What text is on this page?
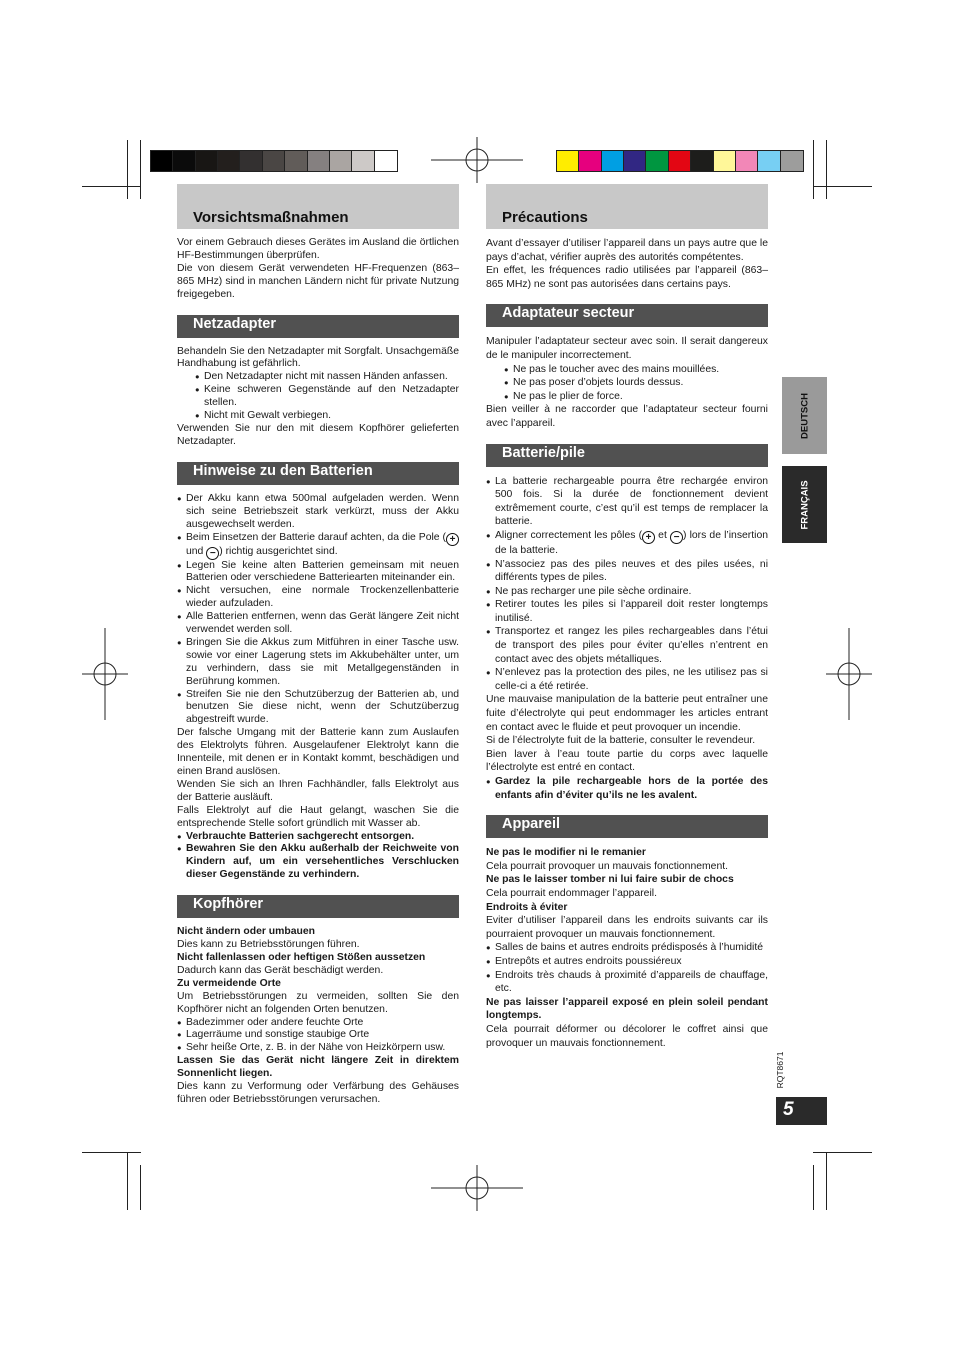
DEUTSCH
FRANÇAIS
RQT8671
5
Vorsichtsmaßnahmen

Vor einem Gebrauch dieses Gerätes im Ausland die örtlichen HF-Bestimmungen überprüfen.

Die von diesem Gerät verwendeten HF-Frequenzen (863–865 MHz) sind in manchen Ländern nicht für private Nutzung freigegeben.

Netzadapter

Behandeln Sie den Netzadapter mit Sorgfalt. Unsachgemäße Handhabung ist gefährlich.

● Den Netzadapter nicht mit nassen Händen anfassen.
● Keine schweren Gegenstände auf den Netzadapter stellen.
● Nicht mit Gewalt verbiegen.

Verwenden Sie nur den mit diesem Kopfhörer gelieferten Netzadapter.

Hinweise zu den Batterien
● Der Akku kann etwa 500mal aufgeladen werden. Wenn sich seine Betriebszeit stark verkürzt, muss der Akku ausgewechselt werden.
● Beim Einsetzen der Batterie darauf achten, da die Pole ( + und − ) richtig ausgerichtet sind.
● Legen Sie keine alten Batterien gemeinsam mit neuen Batterien oder verschiedene Batteriearten miteinander ein.
● Nicht versuchen, eine normale Trockenzellenbatterie wieder aufzuladen.
● Alle Batterien entfernen, wenn das Gerät längere Zeit nicht verwendet werden soll.
● Bringen Sie die Akkus zum Mitführen in einer Tasche usw. sowie vor einer Lagerung stets im Akkubehälter unter, um zu verhindern, dass sie mit Metallgegenständen in Berührung kommen.
● Streifen Sie nie den Schutzüberzug der Batterien ab, und benutzen Sie diese nicht, wenn der Schutzüberzug abgestreift wurde.

Der falsche Umgang mit der Batterie kann zum Auslaufen des Elektrolyts führen. Ausgelaufener Elektrolyt kann die Innenteile, mit denen er in Kontakt kommt, beschädigen und einen Brand auslösen.

Wenden Sie sich an Ihren Fachhändler, falls Elektrolyt aus der Batterie ausläuft.

Falls Elektrolyt auf die Haut gelangt, waschen Sie die entsprechende Stelle sofort gründlich mit Wasser ab.

● Verbrauchte Batterien sachgerecht entsorgen.
● Bewahren Sie den Akku außerhalb der Reichweite von Kindern auf, um ein versehentliches Verschlucken dieser Gegenstände zu verhindern.
Kopfhörer

Nicht ändern oder umbauen

Dies kann zu Betriebsstörungen führen.

Nicht fallenlassen oder heftigen Stößen aussetzen

Dadurch kann das Gerät beschädigt werden.

Zu vermeidende Orte

Um Betriebsstörungen zu vermeiden, sollten Sie den Kopfhörer nicht an folgenden Orten benutzen.

● Badezimmer oder andere feuchte Orte
● Lagerräume und sonstige staubige Orte
● Sehr heiße Orte, z. B. in der Nähe von Heizkörpern usw.

Lassen Sie das Gerät nicht längere Zeit in direktem Sonnenlicht liegen.

Dies kann zu Verformung oder Verfärbung des Gehäuses führen oder Betriebsstörungen verursachen.

Précautions

Avant d’essayer d’utiliser l’appareil dans un pays autre que le pays d’achat, vérifier auprès des autorités compétentes.

En effet, les fréquences radio utilisées par l’appareil (863–865 MHz) ne sont pas autorisées dans certains pays.

Adaptateur secteur

Manipuler l’adaptateur secteur avec soin. Il serait dangereux de le manipuler incorrectement.

● Ne pas le toucher avec des mains mouillées.
● Ne pas poser d’objets lourds dessus.
● Ne pas le plier de force.

Bien veiller à ne raccorder que l’adaptateur secteur fourni avec l’appareil.

Batterie/pile
● La batterie rechargeable pourra être rechargée environ 500 fois. Si la durée de fonctionnement devient extrêmement courte, c’est qu’il est temps de remplacer la batterie.
● Aligner correctement les pôles ( + et − ) lors de l’insertion de la batterie.
● N’associez pas des piles neuves et des piles usées, ni différents types de piles.
● Ne pas recharger une pile sèche ordinaire.
● Retirer toutes les piles si l’appareil doit rester longtemps inutilisé.
● Transportez et rangez les piles rechargeables dans l’étui de transport des piles pour éviter qu’elles n’entrent en contact avec des objets métalliques.
● N’enlevez pas la protection des piles, ne les utilisez pas si celle-ci a été retirée.

Une mauvaise manipulation de la batterie peut entraîner une fuite d’électrolyte qui peut endommager les articles entrant en contact avec le fluide et peut provoquer un incendie.

Si de l’électrolyte fuit de la batterie, consulter le revendeur.

Bien laver à l’eau toute partie du corps avec laquelle l’électrolyte est entré en contact.

● Gardez la pile rechargeable hors de la portée des enfants afin d’éviter qu’ils ne les avalent.
Appareil

Ne pas le modifier ni le remanier

Cela pourrait provoquer un mauvais fonctionnement.

Ne pas le laisser tomber ni lui faire subir de chocs

Cela pourrait endommager l’appareil.

Endroits à éviter

Eviter d’utiliser l’appareil dans les endroits suivants car ils pourraient provoquer un mauvais fonctionnement.

● Salles de bains et autres endroits prédisposés à l’humidité
● Entrepôts et autres endroits poussiéreux
● Endroits très chauds à proximité d’appareils de chauffage, etc.

Ne pas laisser l’appareil exposé en plein soleil pendant longtemps.

Cela pourrait déformer ou décolorer le coffret ainsi que provoquer un mauvais fonctionnement.
